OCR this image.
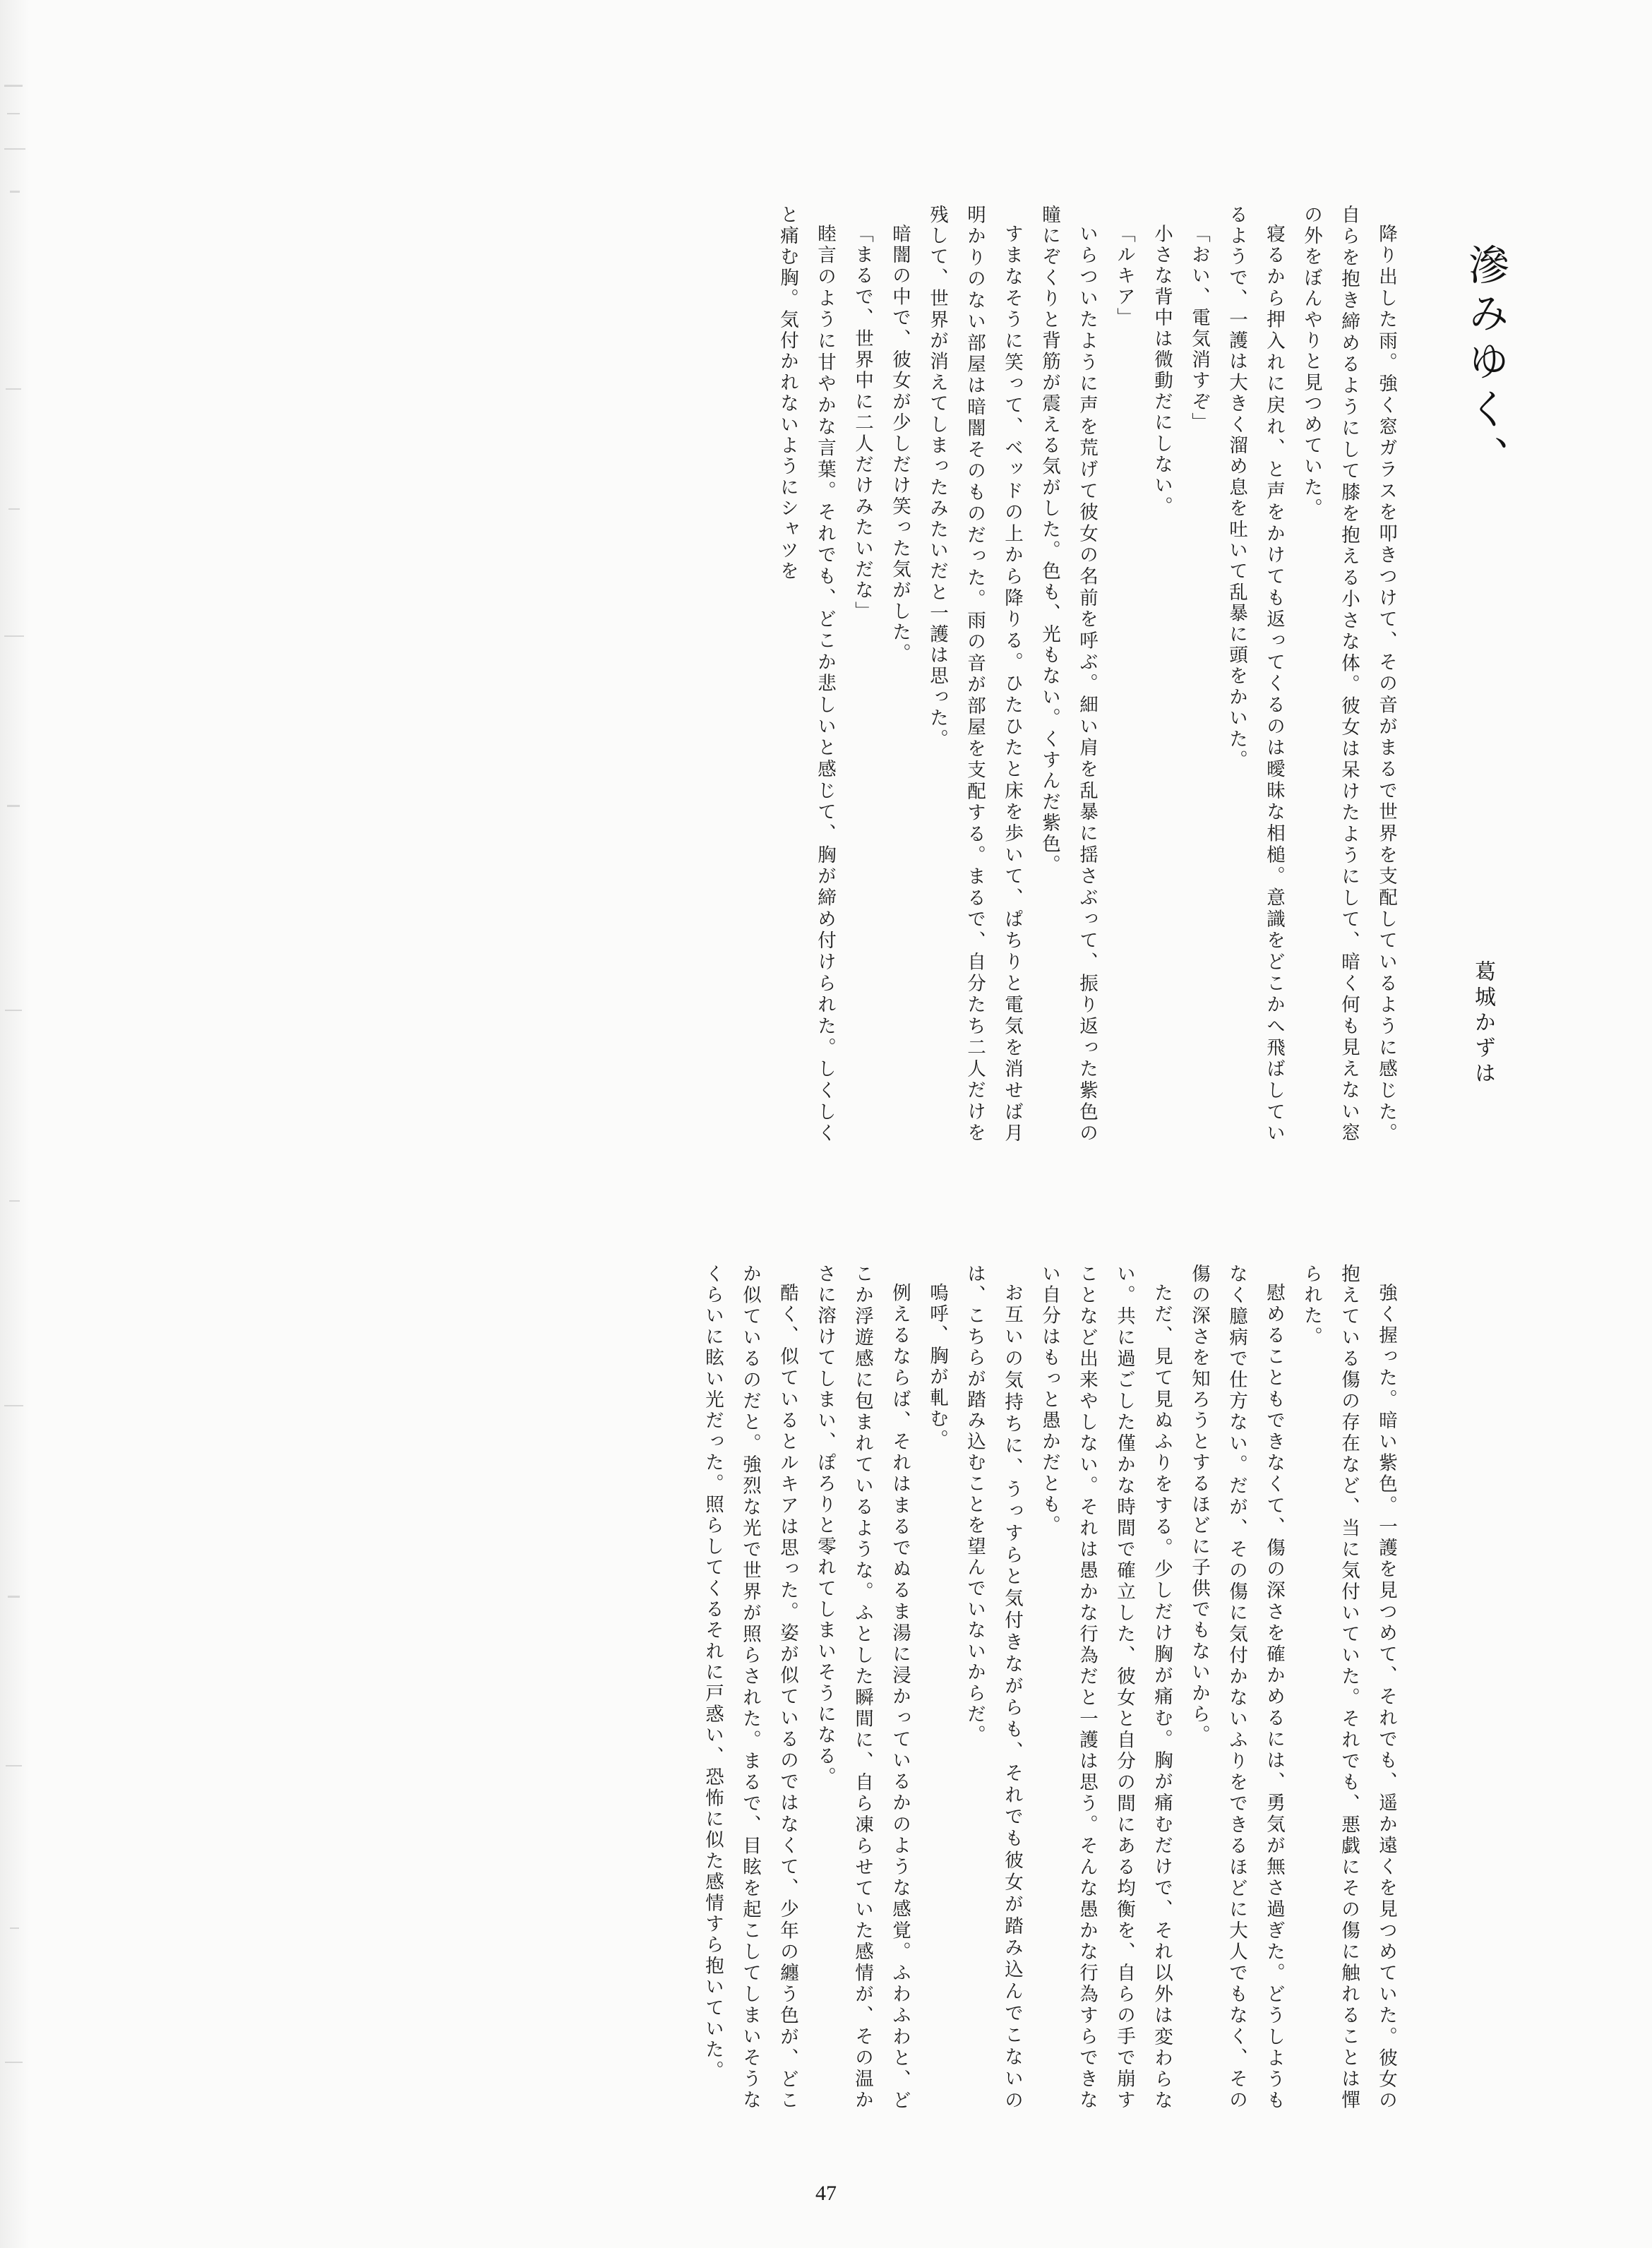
滲みゆく、
葛城かずは

降り出した雨。強く窓ガラスを叩きつけて、その音がまるで世界を支配しているように感じた。自らを抱き締めるようにして膝を抱える小さな体。彼女は呆けたようにして、暗く何も見えない窓の外をぼんやりと見つめていた。

寝るから押入れに戻れ、と声をかけても返ってくるのは曖昧な相槌。意識をどこかへ飛ばしているようで、一護は大きく溜め息を吐いて乱暴に頭をかいた。

「おい、電気消すぞ」

小さな背中は微動だにしない。

「ルキア」

いらついたように声を荒げて彼女の名前を呼ぶ。細い肩を乱暴に揺さぶって、振り返った紫色の瞳にぞくりと背筋が震える気がした。色も、光もない。くすんだ紫色。

すまなそうに笑って、ベッドの上から降りる。ひたひたと床を歩いて、ぱちりと電気を消せば月明かりのない部屋は暗闇そのものだった。雨の音が部屋を支配する。まるで、自分たち二人だけを残して、世界が消えてしまったみたいだと一護は思った。

暗闇の中で、彼女が少しだけ笑った気がした。

「まるで、世界中に二人だけみたいだな」

睦言のように甘やかな言葉。それでも、どこか悲しいと感じて、胸が締め付けられた。しくしくと痛む胸。気付かれないようにシャツを

強く握った。暗い紫色。一護を見つめて、それでも、遥か遠くを見つめていた。彼女の抱えている傷の存在など、当に気付いていた。それでも、悪戯にその傷に触れることは憚られた。

慰めることもできなくて、傷の深さを確かめるには、勇気が無さ過ぎた。どうしようもなく臆病で仕方ない。だが、その傷に気付かないふりをできるほどに大人でもなく、その傷の深さを知ろうとするほどに子供でもないから。

ただ、見て見ぬふりをする。少しだけ胸が痛む。胸が痛むだけで、それ以外は変わらない。共に過ごした僅かな時間で確立した、彼女と自分の間にある均衡を、自らの手で崩すことなど出来やしない。それは愚かな行為だと一護は思う。そんな愚かな行為すらできない自分はもっと愚かだとも。

お互いの気持ちに、うっすらと気付きながらも、それでも彼女が踏み込んでこないのは、こちらが踏み込むことを望んでいないからだ。

嗚呼、胸が軋む。

例えるならば、それはまるでぬるま湯に浸かっているかのような感覚。ふわふわと、どこか浮遊感に包まれているような。ふとした瞬間に、自ら凍らせていた感情が、その温かさに溶けてしまい、ぽろりと零れてしまいそうになる。

酷く、似ているとルキアは思った。姿が似ているのではなくて、少年の纏う色が、どこか似ているのだと。強烈な光で世界が照らされた。まるで、目眩を起こしてしまいそうなくらいに眩い光だった。照らしてくるそれに戸惑い、恐怖に似た感情すら抱いていた。

47
